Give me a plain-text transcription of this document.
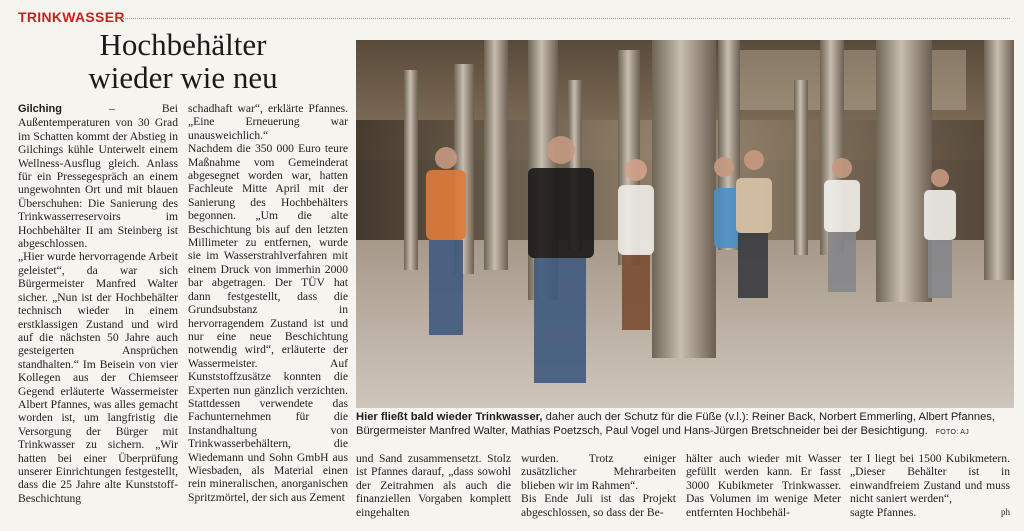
TRINKWASSER
Hochbehälter
wieder wie neu

Gilching – Bei Außentemperaturen von 30 Grad im Schatten kommt der Abstieg in Gilchings kühle Unterwelt einem Wellness-Ausflug gleich. Anlass für ein Pressegespräch an einem ungewohnten Ort und mit blauen Überschuhen: Die Sanierung des Trinkwasserreservoirs im Hochbehälter II am Steinberg ist abgeschlossen.

„Hier wurde hervorragende Arbeit geleistet“, da war sich Bürgermeister Manfred Walter sicher. „Nun ist der Hochbehälter technisch wieder in einem erstklassigen Zustand und wird auf die nächsten 50 Jahre auch gesteigerten Ansprüchen standhalten.“ Im Beisein von vier Kollegen aus der Chiemseer Gegend erläuterte Wassermeister Albert Pfannes, was alles gemacht worden ist, um langfristig die Versorgung der Bürger mit Trinkwasser zu sichern. „Wir hatten bei einer Überprüfung unserer Einrichtungen festgestellt, dass die 25 Jahre alte Kunststoff-Beschichtung

schadhaft war“, erklärte Pfannes. „Eine Erneuerung war unausweichlich.“

Nachdem die 350 000 Euro teure Maßnahme vom Gemeinderat abgesegnet worden war, hatten Fachleute Mitte April mit der Sanierung des Hochbehälters begonnen. „Um die alte Beschichtung bis auf den letzten Millimeter zu entfernen, wurde sie im Wasserstrahlverfahren mit einem Druck von immerhin 2000 bar abgetragen. Der TÜV hat dann festgestellt, dass die Grundsubstanz in hervorragendem Zustand ist und nur eine neue Beschichtung notwendig wird“, erläuterte der Wassermeister. Auf Kunststoffzusätze konnten die Experten nun gänzlich verzichten. Stattdessen verwendete das Fachunternehmen für die Instandhaltung von Trinkwasserbehältern, die Wiedemann und Sohn GmbH aus Wiesbaden, als Material einen rein mineralischen, anorganischen Spritzmörtel, der sich aus Zement

Hier fließt bald wieder Trinkwasser, daher auch der Schutz für die Füße (v.l.): Reiner Back, Norbert Emmerling, Albert Pfannes, Bürgermeister Manfred Walter, Mathias Poetzsch, Paul Vogel und Hans-Jürgen Bretschneider bei der Besichtigung. FOTO: AJ

und Sand zusammensetzt. Stolz ist Pfannes darauf, „dass sowohl der Zeitrahmen als auch die finanziellen Vorgaben komplett eingehalten

wurden. Trotz einiger zusätzlicher Mehrarbeiten blieben wir im Rahmen“.

Bis Ende Juli ist das Projekt abgeschlossen, so dass der Be-

hälter auch wieder mit Wasser gefüllt werden kann. Er fasst 3000 Kubikmeter Trinkwasser. Das Volumen im wenige Meter entfernten Hochbehäl-

ter I liegt bei 1500 Kubikmetern. „Dieser Behälter ist in einwandfreiem Zustand und muss nicht saniert werden“,

sagte Pfannes.	ph
